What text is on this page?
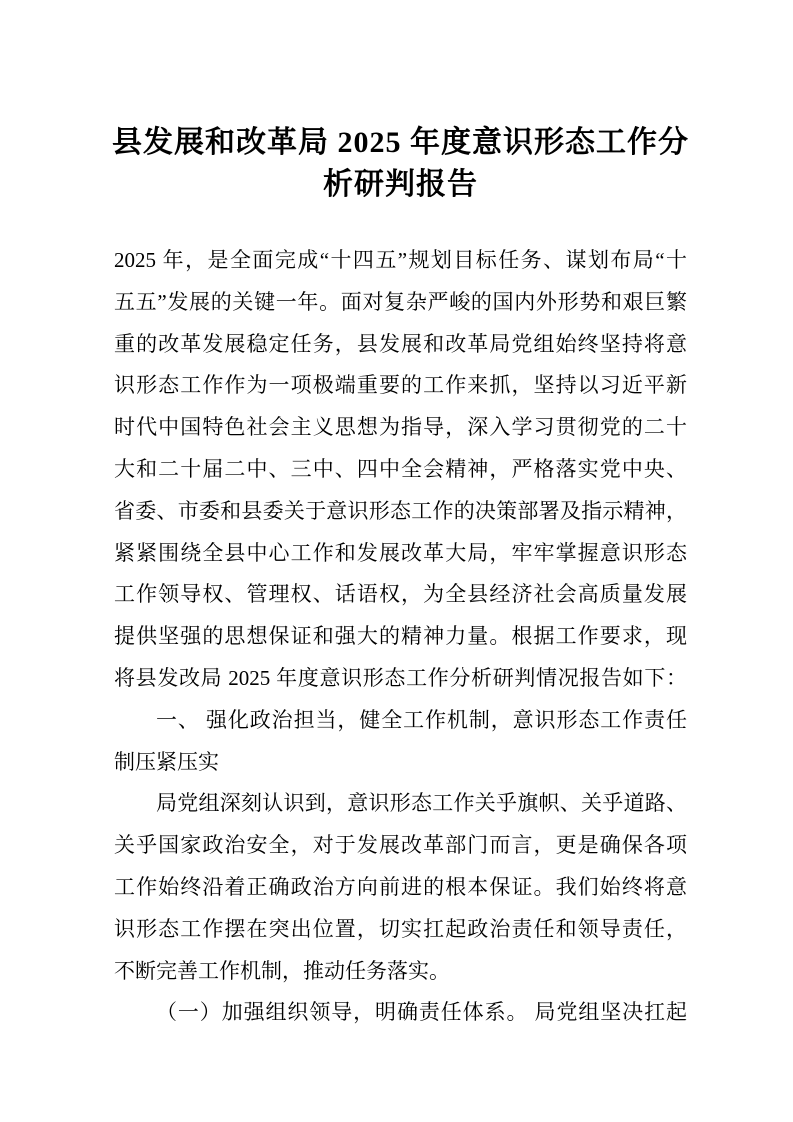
县发展和改革局 2025 年度意识形态工作分
析研判报告
2025 年，是全面完成“十四五”规划目标任务、谋划布局“十
五五”发展的关键一年。面对复杂严峻的国内外形势和艰巨繁
重的改革发展稳定任务，县发展和改革局党组始终坚持将意
识形态工作作为一项极端重要的工作来抓，坚持以习近平新
时代中国特色社会主义思想为指导，深入学习贯彻党的二十
大和二十届二中、三中、四中全会精神，严格落实党中央、
省委、市委和县委关于意识形态工作的决策部署及指示精神，
紧紧围绕全县中心工作和发展改革大局，牢牢掌握意识形态
工作领导权、管理权、话语权，为全县经济社会高质量发展
提供坚强的思想保证和强大的精神力量。根据工作要求，现
将县发改局 2025 年度意识形态工作分析研判情况报告如下：
一、 强化政治担当，健全工作机制，意识形态工作责任
制压紧压实
局党组深刻认识到，意识形态工作关乎旗帜、关乎道路、
关乎国家政治安全，对于发展改革部门而言，更是确保各项
工作始终沿着正确政治方向前进的根本保证。我们始终将意
识形态工作摆在突出位置，切实扛起政治责任和领导责任，
不断完善工作机制，推动任务落实。
（一）加强组织领导，明确责任体系。 局党组坚决扛起
